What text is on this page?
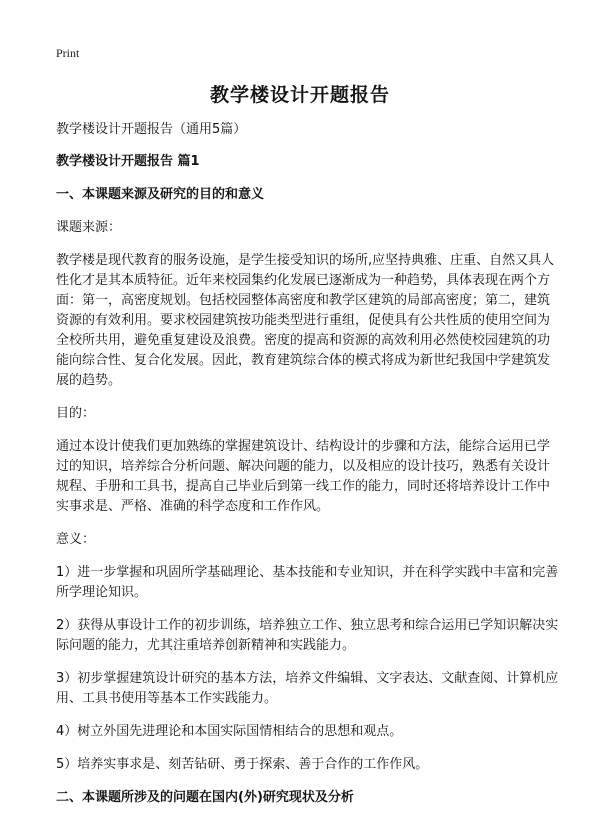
Print
教学楼设计开题报告

教学楼设计开题报告（通用5篇）

教学楼设计开题报告 篇1

一、本课题来源及研究的目的和意义

课题来源：

教学楼是现代教育的服务设施，是学生接受知识的场所,应坚持典雅、庄重、自然又具人性化才是其本质特征。近年来校园集约化发展已逐渐成为一种趋势，具体表现在两个方面：第一，高密度规划。包括校园整体高密度和教学区建筑的局部高密度；第二，建筑资源的有效利用。要求校园建筑按功能类型进行重组，促使具有公共性质的使用空间为全校所共用，避免重复建设及浪费。密度的提高和资源的高效利用必然使校园建筑的功能向综合性、复合化发展。因此，教育建筑综合体的模式将成为新世纪我国中学建筑发展的趋势。

目的：

通过本设计使我们更加熟练的掌握建筑设计、结构设计的步骤和方法，能综合运用已学过的知识，培养综合分析问题、解决问题的能力，以及相应的设计技巧，熟悉有关设计规程、手册和工具书，提高自己毕业后到第一线工作的能力，同时还将培养设计工作中实事求是、严格、准确的科学态度和工作作风。

意义：

1）进一步掌握和巩固所学基础理论、基本技能和专业知识，并在科学实践中丰富和完善所学理论知识。

2）获得从事设计工作的初步训练，培养独立工作、独立思考和综合运用已学知识解决实际问题的能力，尤其注重培养创新精神和实践能力。

3）初步掌握建筑设计研究的基本方法，培养文件编辑、文字表达、文献查阅、计算机应用、工具书使用等基本工作实践能力。

4）树立外国先进理论和本国实际国情相结合的思想和观点。

5）培养实事求是、刻苦钻研、勇于探索、善于合作的工作作风。

二、本课题所涉及的问题在国内(外)研究现状及分析
